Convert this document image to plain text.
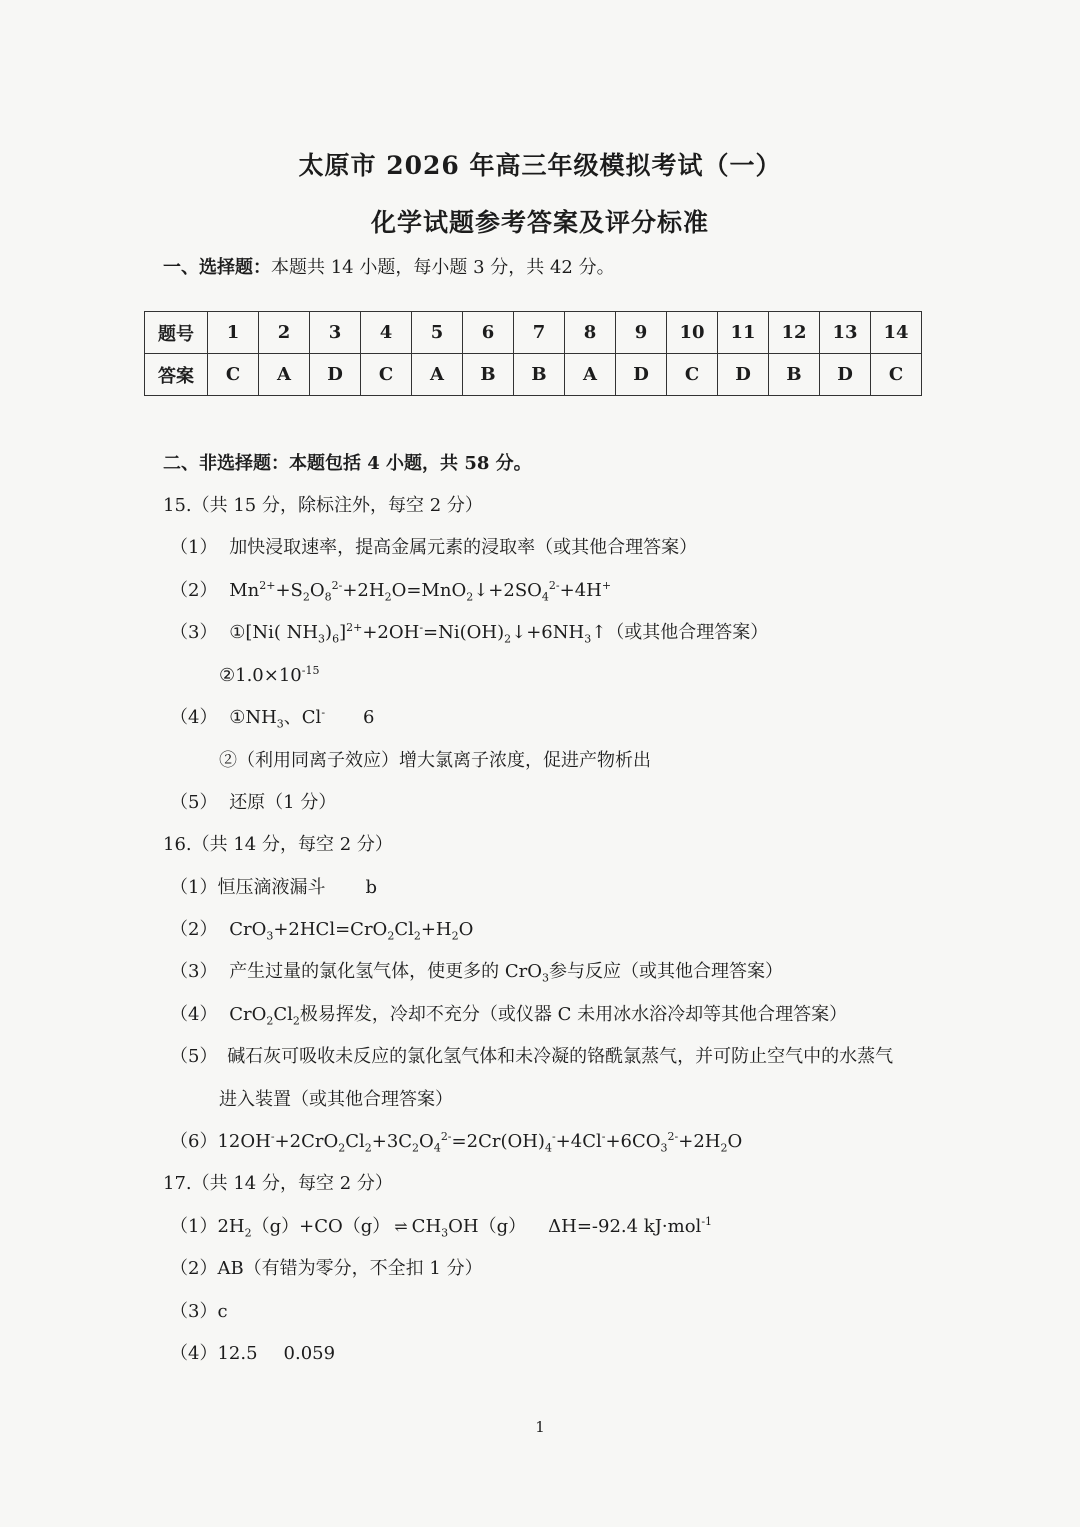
太原市 2026 年高三年级模拟考试（一）
化学试题参考答案及评分标准
一、选择题：本题共 14 小题，每小题 3 分，共 42 分。
题号	1	2	3	4	5	6	7	8	9	10	11	12	13	14
答案	C	A	D	C	A	B	B	A	D	C	D	B	D	C
二、非选择题：本题包括 4 小题，共 58 分。
15.（共 15 分，除标注外，每空 2 分）
（1） 加快浸取速率，提高金属元素的浸取率（或其他合理答案）
（2） $Mn^{2+}+S_2O_8^{2-}+2H_2O=MnO_2↓+2SO_4^{2-}+4H^+$
（3） ①[Ni( $NH_3)_6]^{2+}+2OH^-=Ni(OH)_2↓+6NH_3↑$（或其他合理答案）
$②1.0\times 10^{-15}$
（4） $①NH_3$、Cl- 6
②（利用同离子效应）增大氯离子浓度，促进产物析出
（5） 还原（1 分）
16.（共 14 分，每空 2 分）
（1）恒压滴液漏斗 b
（2） $CrO_3+2HCl=CrO_2Cl_2+H_2O$
（3） 产生过量的氯化氢气体，使更多的 CrO$_3$参与反应（或其他合理答案）
（4） $CrO_2Cl_2$极易挥发，冷却不充分（或仪器 C 未用冰水浴冷却等其他合理答案）
（5） 碱石灰可吸收未反应的氯化氢气体和未冷凝的铬酰氯蒸气，并可防止空气中的水蒸气
进入装置（或其他合理答案）
$(6)12OH^-+2CrO_2Cl_2+3C_2O_4^{2-}=2Cr(OH)_4^-+4Cl^-+6CO_3^{2-}+2H_2O$
17.（共 14 分，每空 2 分）
$(1)2H_2(g)+CO(g)$ ⇌ $CH_3OH(g)$ ΔH=-92.4 kJ·mol$^{-1}$
（2）AB（有错为零分，不全扣 1 分）
（3）c
（4）12.5 0.059
1
